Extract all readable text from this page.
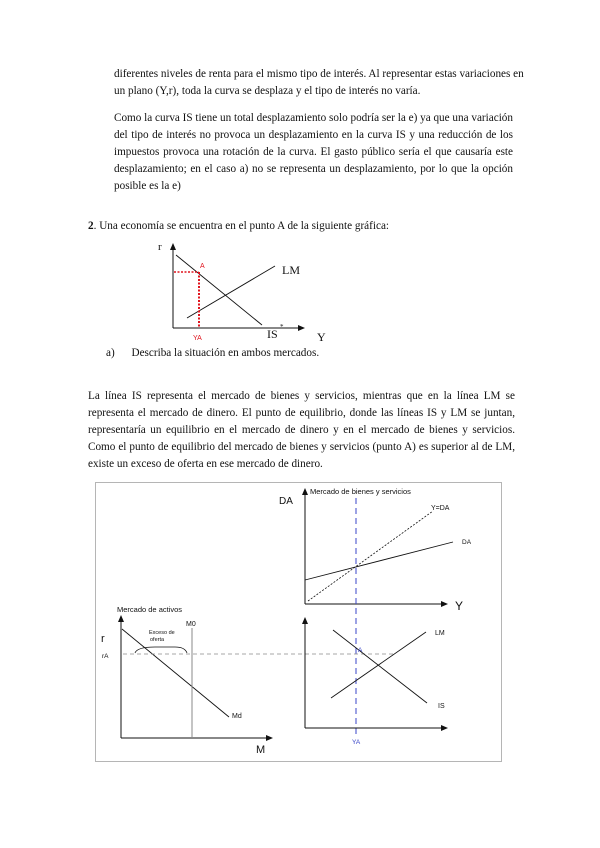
diferentes niveles de renta para el mismo tipo de interés. Al representar estas variaciones en
un plano (Y,r), toda la curva se desplaza y el tipo de interés no varía.

Como la curva IS tiene un total desplazamiento solo podría ser la e) ya que una variación del tipo de interés no provoca un desplazamiento en la curva IS y una reducción de los impuestos provoca una rotación de la curva. El gasto público sería el que causaría este desplazamiento; en el caso a) no se representa un desplazamiento, por lo que la opción posible es la e)

2. Una economía se encuentra en el punto A de la siguiente gráfica:
r
Y
LM
IS *
A
YA
a) Describa la situación en ambos mercados.

La línea IS representa el mercado de bienes y servicios, mientras que en la línea LM se representa el mercado de dinero. El punto de equilibrio, donde las líneas IS y LM se juntan, representaría un equilibrio en el mercado de dinero y en el mercado de bienes y servicios. Como el punto de equilibrio del mercado de bienes y servicios (punto A) es superior al de LM, existe un exceso de oferta en ese mercado de dinero.

Mercado de bienes y servicios
DA
Y
Y=DA
DA
Mercado de activos
r
M
Md
M0
Exceso de
oferta
rA
LM
IS
A
YA
